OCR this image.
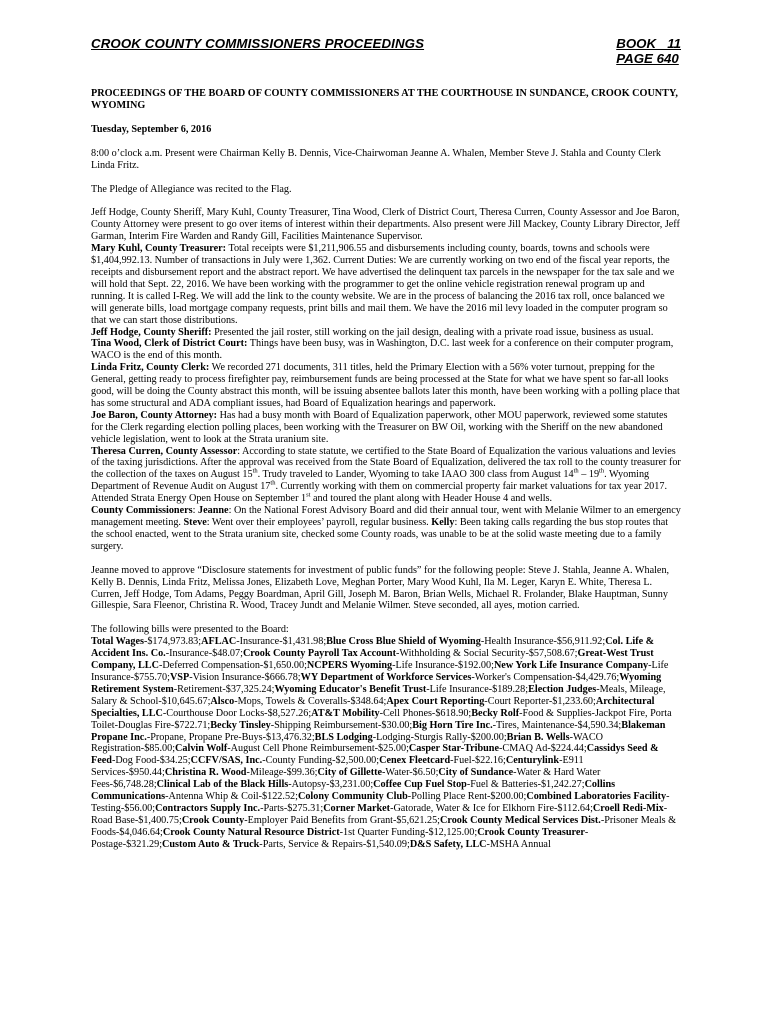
CROOK COUNTY COMMISSIONERS PROCEEDINGS	BOOK   11
PAGE 640

PROCEEDINGS OF THE BOARD OF COUNTY COMMISSIONERS AT THE COURTHOUSE IN SUNDANCE, CROOK COUNTY, WYOMING

Tuesday, September 6, 2016

8:00 o’clock a.m. Present were Chairman Kelly B. Dennis, Vice-Chairwoman Jeanne A. Whalen, Member Steve J. Stahla and County Clerk Linda Fritz.

The Pledge of Allegiance was recited to the Flag.

Jeff Hodge, County Sheriff, Mary Kuhl, County Treasurer, Tina Wood, Clerk of District Court, Theresa Curren, County Assessor and Joe Baron, County Attorney were present to go over items of interest within their departments. Also present were Jill Mackey, County Library Director, Jeff Garman, Interim Fire Warden and Randy Gill, Facilities Maintenance Supervisor.

Mary Kuhl, County Treasurer: Total receipts were $1,211,906.55 and disbursements including county, boards, towns and schools were $1,404,992.13. Number of transactions in July were 1,362. Current Duties: We are currently working on two end of the fiscal year reports, the receipts and disbursement report and the abstract report. We have advertised the delinquent tax parcels in the newspaper for the tax sale and we will hold that Sept. 22, 2016. We have been working with the programmer to get the online vehicle registration renewal program up and running. It is called I-Reg. We will add the link to the county website. We are in the process of balancing the 2016 tax roll, once balanced we will generate bills, load mortgage company requests, print bills and mail them. We have the 2016 mil levy loaded in the computer program so that we can start those distributions.

Jeff Hodge, County Sheriff: Presented the jail roster, still working on the jail design, dealing with a private road issue, business as usual.

Tina Wood, Clerk of District Court: Things have been busy, was in Washington, D.C. last week for a conference on their computer program, WACO is the end of this month.

Linda Fritz, County Clerk: We recorded 271 documents, 311 titles, held the Primary Election with a 56% voter turnout, prepping for the General, getting ready to process firefighter pay, reimbursement funds are being processed at the State for what we have spent so far-all looks good, will be doing the County abstract this month, will be issuing absentee ballots later this month, have been working with a polling place that has some structural and ADA compliant issues, had Board of Equalization hearings and paperwork.

Joe Baron, County Attorney: Has had a busy month with Board of Equalization paperwork, other MOU paperwork, reviewed some statutes for the Clerk regarding election polling places, been working with the Treasurer on BW Oil, working with the Sheriff on the new abandoned vehicle legislation, went to look at the Strata uranium site.

Theresa Curren, County Assessor: According to state statute, we certified to the State Board of Equalization the various valuations and levies of the taxing jurisdictions. After the approval was received from the State Board of Equalization, delivered the tax roll to the county treasurer for the collection of the taxes on August 15th. Trudy traveled to Lander, Wyoming to take IAAO 300 class from August 14th – 19th. Wyoming Department of Revenue Audit on August 17th. Currently working with them on commercial property fair market valuations for tax year 2017. Attended Strata Energy Open House on September 1st and toured the plant along with Header House 4 and wells.

County Commissioners: Jeanne: On the National Forest Advisory Board and did their annual tour, went with Melanie Wilmer to an emergency management meeting. Steve: Went over their employees’ payroll, regular business. Kelly: Been taking calls regarding the bus stop routes that the school enacted, went to the Strata uranium site, checked some County roads, was unable to be at the solid waste meeting due to a family surgery.

Jeanne moved to approve “Disclosure statements for investment of public funds” for the following people: Steve J. Stahla, Jeanne A. Whalen, Kelly B. Dennis, Linda Fritz, Melissa Jones, Elizabeth Love, Meghan Porter, Mary Wood Kuhl, Ila M. Leger, Karyn E. White, Theresa L. Curren, Jeff Hodge, Tom Adams, Peggy Boardman, April Gill, Joseph M. Baron, Brian Wells, Michael R. Frolander, Blake Hauptman, Sunny Gillespie, Sara Fleenor, Christina R. Wood, Tracey Jundt and Melanie Wilmer. Steve seconded, all ayes, motion carried.

The following bills were presented to the Board:

Total Wages-$174,973.83;AFLAC-Insurance-$1,431.98;Blue Cross Blue Shield of Wyoming-Health Insurance-$56,911.92;Col. Life & Accident Ins. Co.-Insurance-$48.07;Crook County Payroll Tax Account-Withholding & Social Security-$57,508.67;Great-West Trust Company, LLC-Deferred Compensation-$1,650.00;NCPERS Wyoming-Life Insurance-$192.00;New York Life Insurance Company-Life Insurance-$755.70;VSP-Vision Insurance-$666.78;WY Department of Workforce Services-Worker's Compensation-$4,429.76;Wyoming Retirement System-Retirement-$37,325.24;Wyoming Educator's Benefit Trust-Life Insurance-$189.28;Election Judges-Meals, Mileage, Salary & School-$10,645.67;Alsco-Mops, Towels & Coveralls-$348.64;Apex Court Reporting-Court Reporter-$1,233.60;Architectural Specialties, LLC-Courthouse Door Locks-$8,527.26;AT&T Mobility-Cell Phones-$618.90;Becky Rolf-Food & Supplies-Jackpot Fire, Porta Toilet-Douglas Fire-$722.71;Becky Tinsley-Shipping Reimbursement-$30.00;Big Horn Tire Inc.-Tires, Maintenance-$4,590.34;Blakeman Propane Inc.-Propane, Propane Pre-Buys-$13,476.32;BLS Lodging-Lodging-Sturgis Rally-$200.00;Brian B. Wells-WACO Registration-$85.00;Calvin Wolf-August Cell Phone Reimbursement-$25.00;Casper Star-Tribune-CMAQ Ad-$224.44;Cassidys Seed & Feed-Dog Food-$34.25;CCFV/SAS, Inc.-County Funding-$2,500.00;Cenex Fleetcard-Fuel-$22.16;Centurylink-E911 Services-$950.44;Christina R. Wood-Mileage-$99.36;City of Gillette-Water-$6.50;City of Sundance-Water & Hard Water Fees-$6,748.28;Clinical Lab of the Black Hills-Autopsy-$3,231.00;Coffee Cup Fuel Stop-Fuel & Batteries-$1,242.27;Collins Communications-Antenna Whip & Coil-$122.52;Colony Community Club-Polling Place Rent-$200.00;Combined Laboratories Facility-Testing-$56.00;Contractors Supply Inc.-Parts-$275.31;Corner Market-Gatorade, Water & Ice for Elkhorn Fire-$112.64;Croell Redi-Mix-Road Base-$1,400.75;Crook County-Employer Paid Benefits from Grant-$5,621.25;Crook County Medical Services Dist.-Prisoner Meals & Foods-$4,046.64;Crook County Natural Resource District-1st Quarter Funding-$12,125.00;Crook County Treasurer-Postage-$321.29;Custom Auto & Truck-Parts, Service & Repairs-$1,540.09;D&S Safety, LLC-MSHA Annual
